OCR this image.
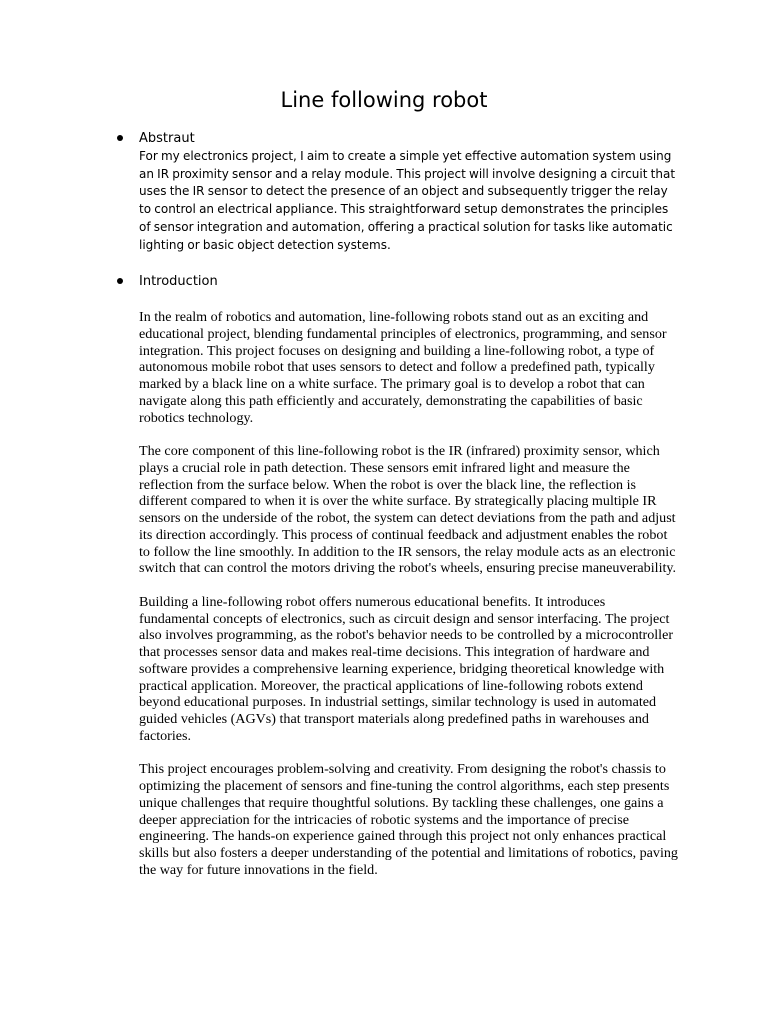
Line following robot
Abstraut

For my electronics project, I aim to create a simple yet effective automation system using an IR proximity sensor and a relay module. This project will involve designing a circuit that uses the IR sensor to detect the presence of an object and subsequently trigger the relay to control an electrical appliance. This straightforward setup demonstrates the principles of sensor integration and automation, offering a practical solution for tasks like automatic lighting or basic object detection systems.

Introduction

In the realm of robotics and automation, line-following robots stand out as an exciting and educational project, blending fundamental principles of electronics, programming, and sensor integration. This project focuses on designing and building a line-following robot, a type of autonomous mobile robot that uses sensors to detect and follow a predefined path, typically marked by a black line on a white surface. The primary goal is to develop a robot that can navigate along this path efficiently and accurately, demonstrating the capabilities of basic robotics technology.

The core component of this line-following robot is the IR (infrared) proximity sensor, which plays a crucial role in path detection. These sensors emit infrared light and measure the reflection from the surface below. When the robot is over the black line, the reflection is different compared to when it is over the white surface. By strategically placing multiple IR sensors on the underside of the robot, the system can detect deviations from the path and adjust its direction accordingly. This process of continual feedback and adjustment enables the robot to follow the line smoothly. In addition to the IR sensors, the relay module acts as an electronic switch that can control the motors driving the robot's wheels, ensuring precise maneuverability.

Building a line-following robot offers numerous educational benefits. It introduces fundamental concepts of electronics, such as circuit design and sensor interfacing. The project also involves programming, as the robot's behavior needs to be controlled by a microcontroller that processes sensor data and makes real-time decisions. This integration of hardware and software provides a comprehensive learning experience, bridging theoretical knowledge with practical application. Moreover, the practical applications of line-following robots extend beyond educational purposes. In industrial settings, similar technology is used in automated guided vehicles (AGVs) that transport materials along predefined paths in warehouses and factories.

This project encourages problem-solving and creativity. From designing the robot's chassis to optimizing the placement of sensors and fine-tuning the control algorithms, each step presents unique challenges that require thoughtful solutions. By tackling these challenges, one gains a deeper appreciation for the intricacies of robotic systems and the importance of precise engineering. The hands-on experience gained through this project not only enhances practical skills but also fosters a deeper understanding of the potential and limitations of robotics, paving the way for future innovations in the field.
